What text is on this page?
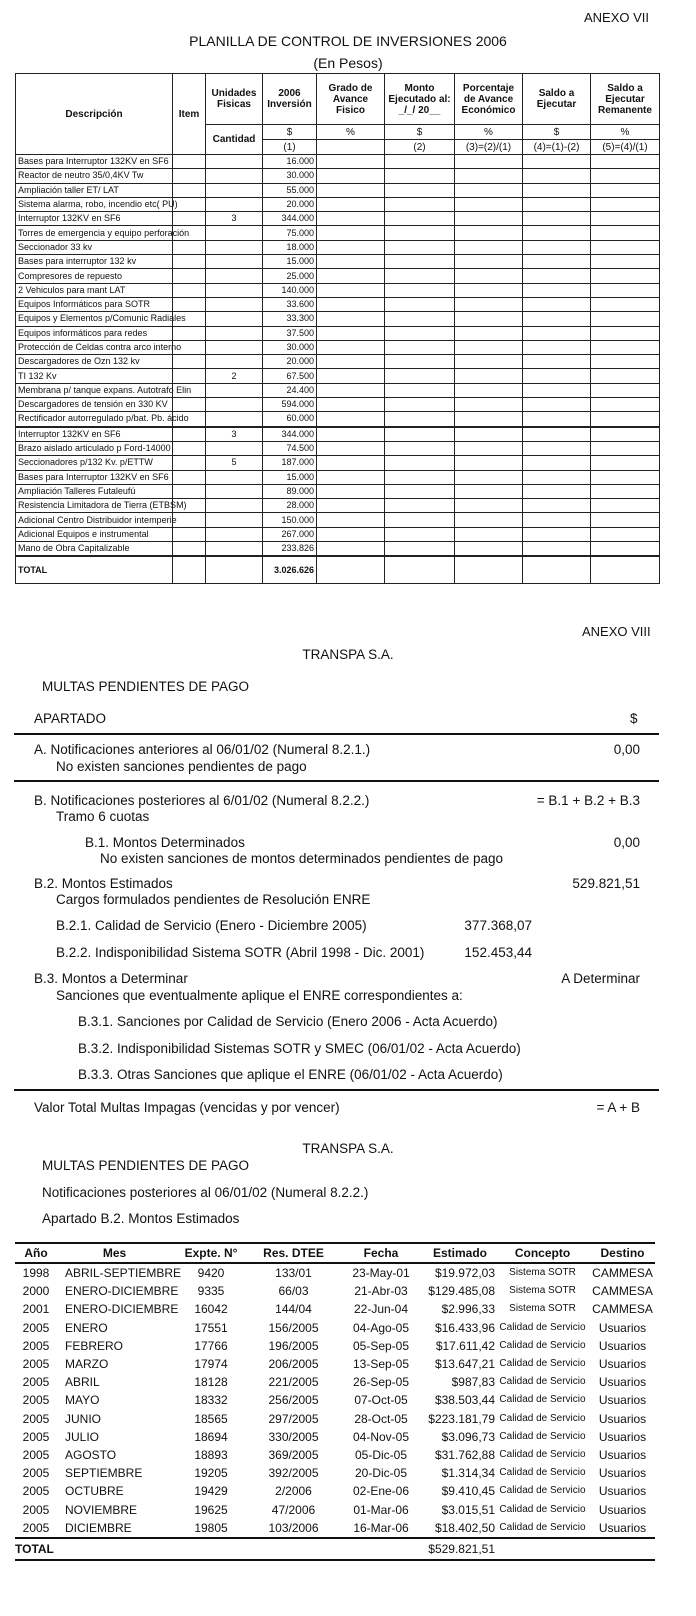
ANEXO VII
PLANILLA DE CONTROL DE INVERSIONES 2006
(En Pesos)
Descripción	Item	Unidades Fisicas	2006 Inversión	Grado de Avance Fisico	Monto Ejecutado al: _/_/ 20__	Porcentaje de Avance Económico	Saldo a Ejecutar	Saldo a Ejecutar Remanente
		Cantidad	$	%	$	%	$	%
			(1)		(2)	(3)=(2)/(1)	(4)=(1)-(2)	(5)=(4)/(1)
Bases para Interruptor 132KV en SF6			16.000					
Reactor de neutro 35/0,4KV Tw			30.000					
Ampliación taller ET/ LAT			55.000					
Sistema alarma, robo, incendio etc( PU)			20.000					
Interruptor 132KV en SF6		3	344.000					
Torres de emergencia y equipo perforación			75.000					
Seccionador 33 kv			18.000					
Bases para interruptor 132 kv			15.000					
Compresores de repuesto			25.000					
2 Vehiculos para mant LAT			140.000					
Equipos Informáticos para SOTR			33.600					
Equipos y Elementos p/Comunic Radiales			33.300					
Equipos informáticos para redes			37.500					
Protección de Celdas contra arco interno			30.000					
Descargadores de Ozn 132 kv			20.000					
TI 132 Kv		2	67.500					
Membrana p/ tanque expans. Autotrafo Elin			24.400					
Descargadores de tensión en 330 KV			594.000					
Rectificador autorregulado p/bat. Pb. ácido			60.000					
Interruptor 132KV en SF6		3	344.000					
Brazo aislado articulado p Ford-14000			74.500					
Seccionadores p/132 Kv. p/ETTW		5	187.000					
Bases para Interruptor 132KV en SF6			15.000					
Ampliación Talleres Futaleufú			89.000					
Resistencia Limitadora de Tierra (ETBSM)			28.000					
Adicional Centro Distribuidor intemperie			150.000					
Adicional Equipos e instrumental			267.000					
Mano de Obra Capitalizable			233.826					
TOTAL			3.026.626					
ANEXO VIII
TRANSPA S.A.
MULTAS PENDIENTES DE PAGO
APARTADO	$
A. Notificaciones anteriores al 06/01/02 (Numeral 8.2.1.)	0,00
No existen sanciones pendientes de pago
B. Notificaciones posteriores al 6/01/02 (Numeral 8.2.2.)	= B.1 + B.2 + B.3
Tramo 6 cuotas
B.1. Montos Determinados	0,00
No existen sanciones de montos determinados pendientes de pago
B.2. Montos Estimados	529.821,51
Cargos formulados pendientes de Resolución ENRE
B.2.1. Calidad de Servicio (Enero - Diciembre 2005)	377.368,07
B.2.2. Indisponibilidad Sistema SOTR (Abril 1998 - Dic. 2001)	152.453,44
B.3. Montos a Determinar	A Determinar
Sanciones que eventualmente aplique el ENRE correspondientes a:
B.3.1. Sanciones por Calidad de Servicio (Enero 2006 - Acta Acuerdo)
B.3.2. Indisponibilidad Sistemas SOTR y SMEC (06/01/02 - Acta Acuerdo)
B.3.3. Otras Sanciones que aplique el ENRE (06/01/02 - Acta Acuerdo)
Valor Total Multas Impagas (vencidas y por vencer)	= A + B
TRANSPA S.A.
MULTAS PENDIENTES DE PAGO
Notificaciones posteriores al 06/01/02 (Numeral 8.2.2.)
Apartado B.2. Montos Estimados
Año	Mes	Expte. N°	Res. DTEE	Fecha	Estimado	Concepto	Destino
1998	ABRIL-SEPTIEMBRE	9420	133/01	23-May-01	$19.972,03	Sistema SOTR	CAMMESA
2000	ENERO-DICIEMBRE	9335	66/03	21-Abr-03	$129.485,08	Sistema SOTR	CAMMESA
2001	ENERO-DICIEMBRE	16042	144/04	22-Jun-04	$2.996,33	Sistema SOTR	CAMMESA
2005	ENERO	17551	156/2005	04-Ago-05	$16.433,96	Calidad de Servicio	Usuarios
2005	FEBRERO	17766	196/2005	05-Sep-05	$17.611,42	Calidad de Servicio	Usuarios
2005	MARZO	17974	206/2005	13-Sep-05	$13.647,21	Calidad de Servicio	Usuarios
2005	ABRIL	18128	221/2005	26-Sep-05	$987,83	Calidad de Servicio	Usuarios
2005	MAYO	18332	256/2005	07-Oct-05	$38.503,44	Calidad de Servicio	Usuarios
2005	JUNIO	18565	297/2005	28-Oct-05	$223.181,79	Calidad de Servicio	Usuarios
2005	JULIO	18694	330/2005	04-Nov-05	$3.096,73	Calidad de Servicio	Usuarios
2005	AGOSTO	18893	369/2005	05-Dic-05	$31.762,88	Calidad de Servicio	Usuarios
2005	SEPTIEMBRE	19205	392/2005	20-Dic-05	$1.314,34	Calidad de Servicio	Usuarios
2005	OCTUBRE	19429	2/2006	02-Ene-06	$9.410,45	Calidad de Servicio	Usuarios
2005	NOVIEMBRE	19625	47/2006	01-Mar-06	$3.015,51	Calidad de Servicio	Usuarios
2005	DICIEMBRE	19805	103/2006	16-Mar-06	$18.402,50	Calidad de Servicio	Usuarios
TOTAL					$529.821,51		
